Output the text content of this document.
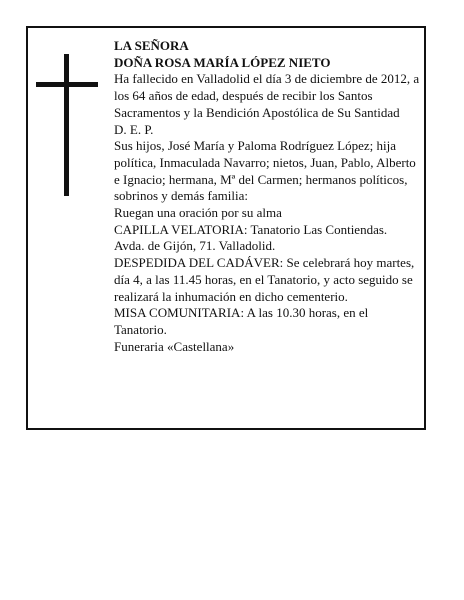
LA SEÑORA

DOÑA ROSA MARÍA LÓPEZ NIETO

Ha fallecido en Valladolid el día 3 de diciembre de 2012, a los 64 años de edad, después de recibir los Santos Sacramentos y la Bendición Apostólica de Su Santidad

D. E. P.

Sus hijos, José María y Paloma Rodríguez López; hija política, Inmaculada Navarro; nietos, Juan, Pablo, Alberto e Ignacio; hermana, Mª del Carmen; hermanos políticos, sobrinos y demás familia:

Ruegan una oración por su alma

CAPILLA VELATORIA: Tanatorio Las Contiendas. Avda. de Gijón, 71. Valladolid.

DESPEDIDA DEL CADÁVER: Se celebrará hoy martes, día 4, a las 11.45 horas, en el Tanatorio, y acto seguido se realizará la inhumación en dicho cementerio.

MISA COMUNITARIA: A las 10.30 horas, en el Tanatorio.

Funeraria «Castellana»
